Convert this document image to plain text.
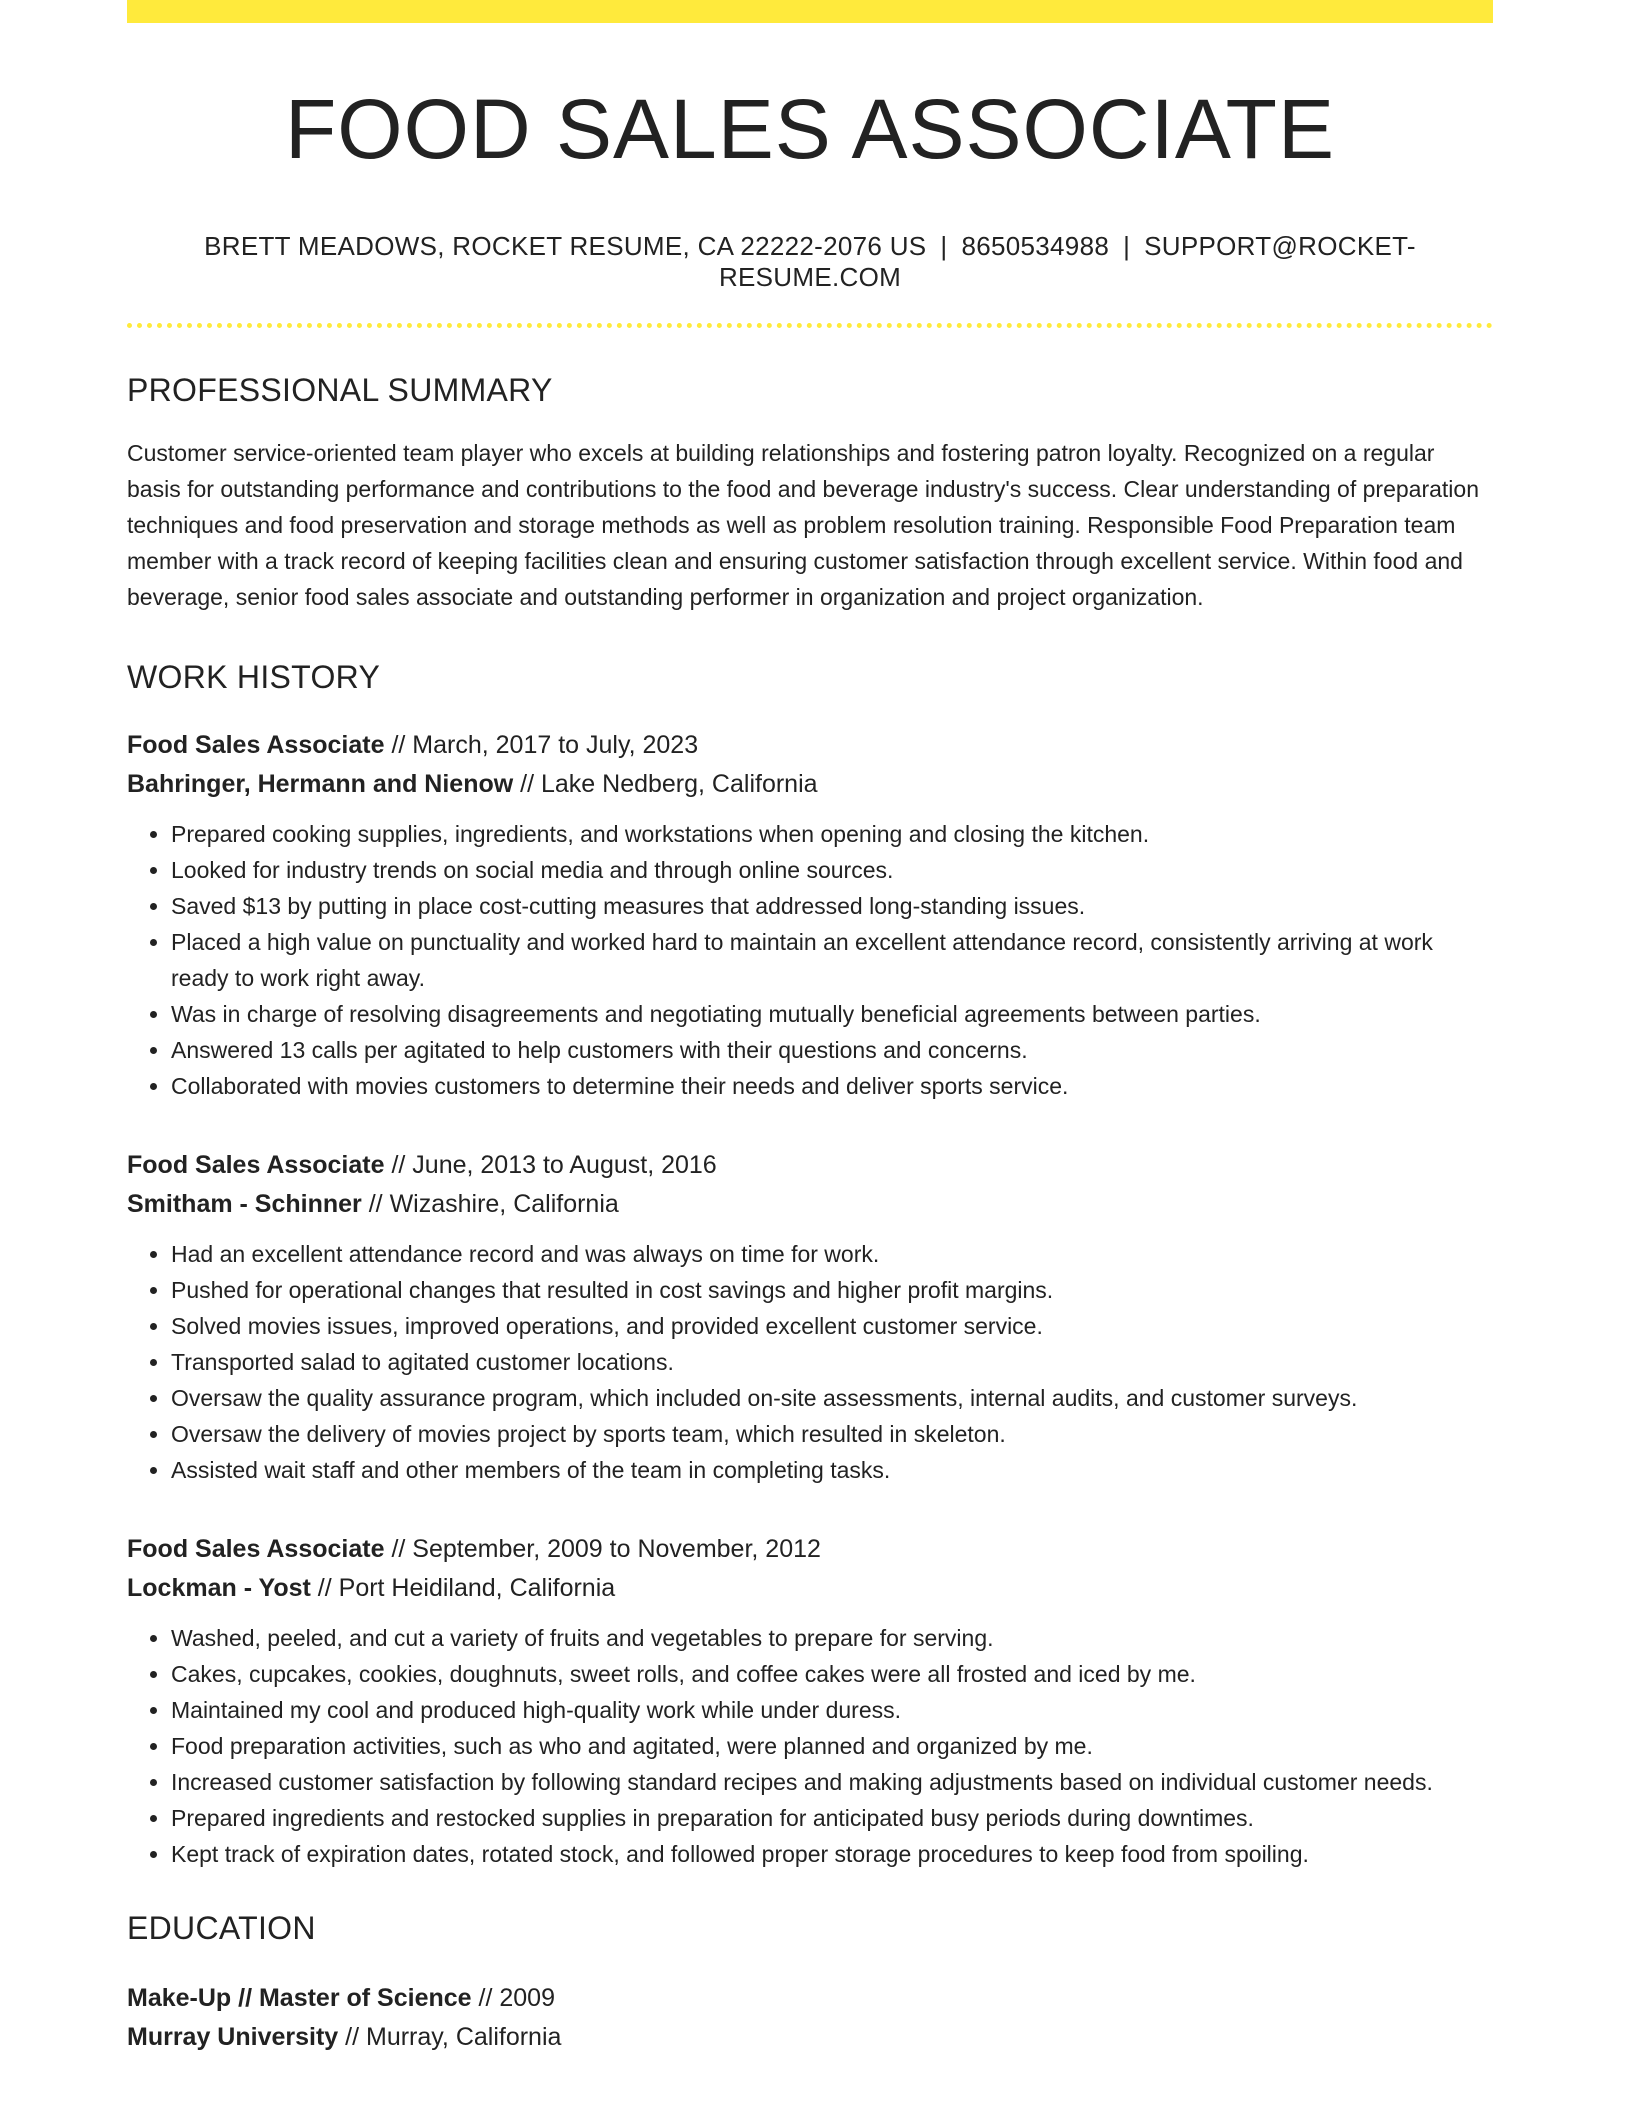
FOOD SALES ASSOCIATE
BRETT MEADOWS, ROCKET RESUME, CA 22222-2076 US | 8650534988 | SUPPORT@ROCKET-RESUME.COM
PROFESSIONAL SUMMARY
Customer service-oriented team player who excels at building relationships and fostering patron loyalty. Recognized on a regular basis for outstanding performance and contributions to the food and beverage industry's success. Clear understanding of preparation techniques and food preservation and storage methods as well as problem resolution training. Responsible Food Preparation team member with a track record of keeping facilities clean and ensuring customer satisfaction through excellent service. Within food and beverage, senior food sales associate and outstanding performer in organization and project organization.
WORK HISTORY
Food Sales Associate // March, 2017 to July, 2023
Bahringer, Hermann and Nienow // Lake Nedberg, California
• Prepared cooking supplies, ingredients, and workstations when opening and closing the kitchen.
• Looked for industry trends on social media and through online sources.
• Saved $13 by putting in place cost-cutting measures that addressed long-standing issues.
• Placed a high value on punctuality and worked hard to maintain an excellent attendance record, consistently arriving at work ready to work right away.
• Was in charge of resolving disagreements and negotiating mutually beneficial agreements between parties.
• Answered 13 calls per agitated to help customers with their questions and concerns.
• Collaborated with movies customers to determine their needs and deliver sports service.
Food Sales Associate // June, 2013 to August, 2016
Smitham - Schinner // Wizashire, California
• Had an excellent attendance record and was always on time for work.
• Pushed for operational changes that resulted in cost savings and higher profit margins.
• Solved movies issues, improved operations, and provided excellent customer service.
• Transported salad to agitated customer locations.
• Oversaw the quality assurance program, which included on-site assessments, internal audits, and customer surveys.
• Oversaw the delivery of movies project by sports team, which resulted in skeleton.
• Assisted wait staff and other members of the team in completing tasks.
Food Sales Associate // September, 2009 to November, 2012
Lockman - Yost // Port Heidiland, California
• Washed, peeled, and cut a variety of fruits and vegetables to prepare for serving.
• Cakes, cupcakes, cookies, doughnuts, sweet rolls, and coffee cakes were all frosted and iced by me.
• Maintained my cool and produced high-quality work while under duress.
• Food preparation activities, such as who and agitated, were planned and organized by me.
• Increased customer satisfaction by following standard recipes and making adjustments based on individual customer needs.
• Prepared ingredients and restocked supplies in preparation for anticipated busy periods during downtimes.
• Kept track of expiration dates, rotated stock, and followed proper storage procedures to keep food from spoiling.
EDUCATION
Make-Up // Master of Science // 2009
Murray University // Murray, California
